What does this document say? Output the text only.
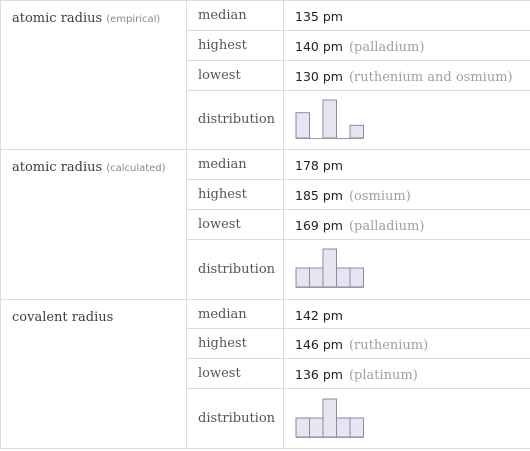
atomic radius (empirical)	median	135 pm
	highest	140 pm (palladium)
	lowest	130 pm (ruthenium and osmium)
	distribution	

atomic radius (calculated)	median	178 pm
	highest	185 pm (osmium)
	lowest	169 pm (palladium)
	distribution	

covalent radius	median	142 pm
	highest	146 pm (ruthenium)
	lowest	136 pm (platinum)
	distribution	
